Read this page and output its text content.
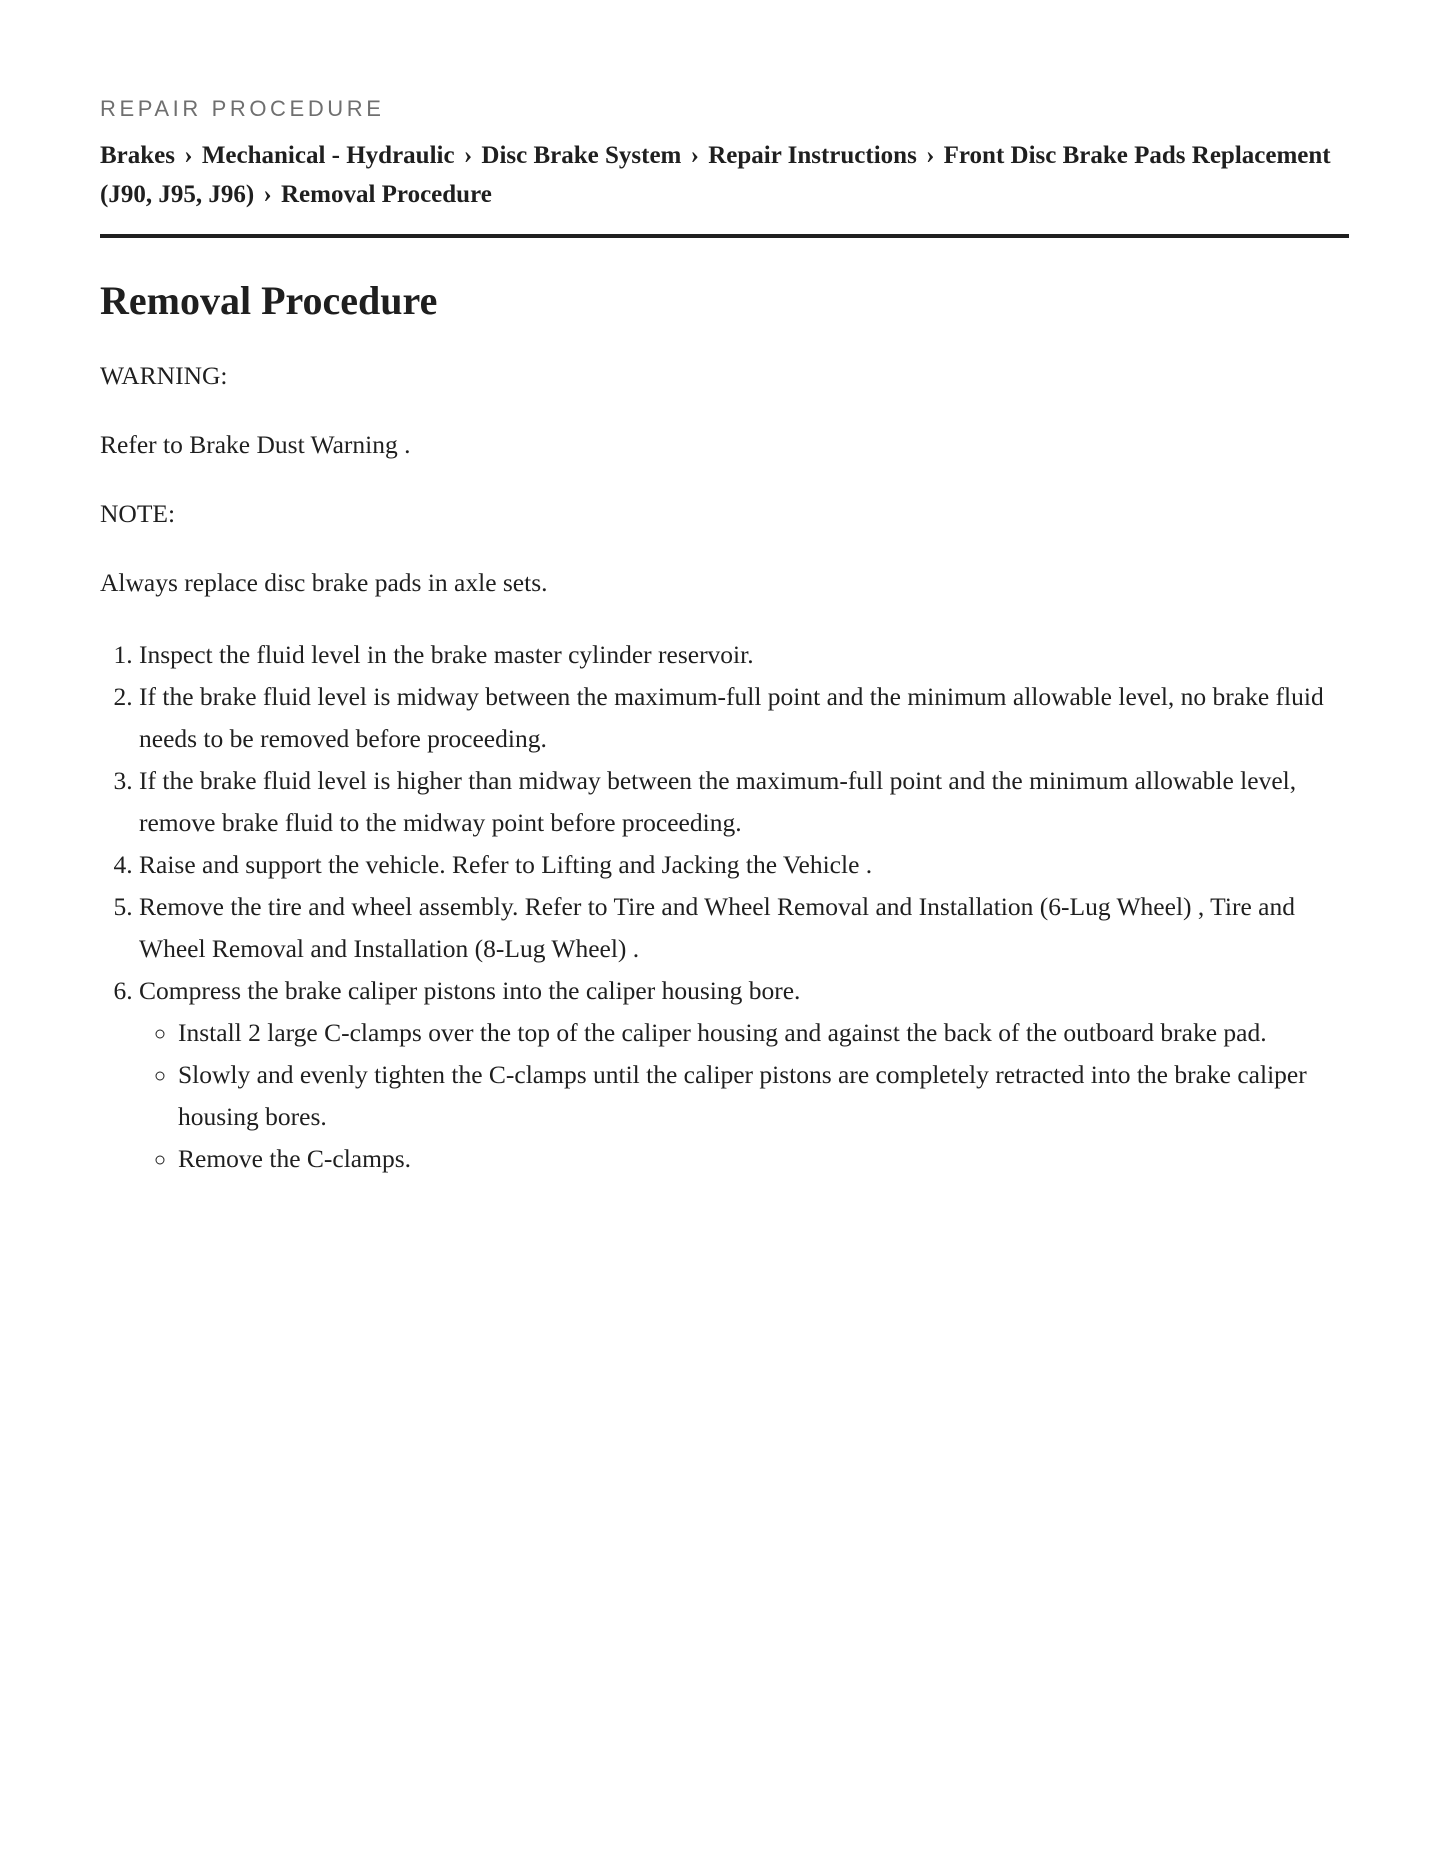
REPAIR PROCEDURE
Brakes › Mechanical - Hydraulic › Disc Brake System › Repair Instructions › Front Disc Brake Pads Replacement (J90, J95, J96) › Removal Procedure
Removal Procedure

WARNING:

Refer to Brake Dust Warning .

NOTE:

Always replace disc brake pads in axle sets.

1. Inspect the fluid level in the brake master cylinder reservoir.
2. If the brake fluid level is midway between the maximum-full point and the minimum allowable level, no brake fluid needs to be removed before proceeding.
3. If the brake fluid level is higher than midway between the maximum-full point and the minimum allowable level, remove brake fluid to the midway point before proceeding.
4. Raise and support the vehicle. Refer to Lifting and Jacking the Vehicle .
5. Remove the tire and wheel assembly. Refer to Tire and Wheel Removal and Installation (6-Lug Wheel) , Tire and Wheel Removal and Installation (8-Lug Wheel) .
6. Compress the brake caliper pistons into the caliper housing bore.
◦ Install 2 large C-clamps over the top of the caliper housing and against the back of the outboard brake pad.
◦ Slowly and evenly tighten the C-clamps until the caliper pistons are completely retracted into the brake caliper housing bores.
◦ Remove the C-clamps.
